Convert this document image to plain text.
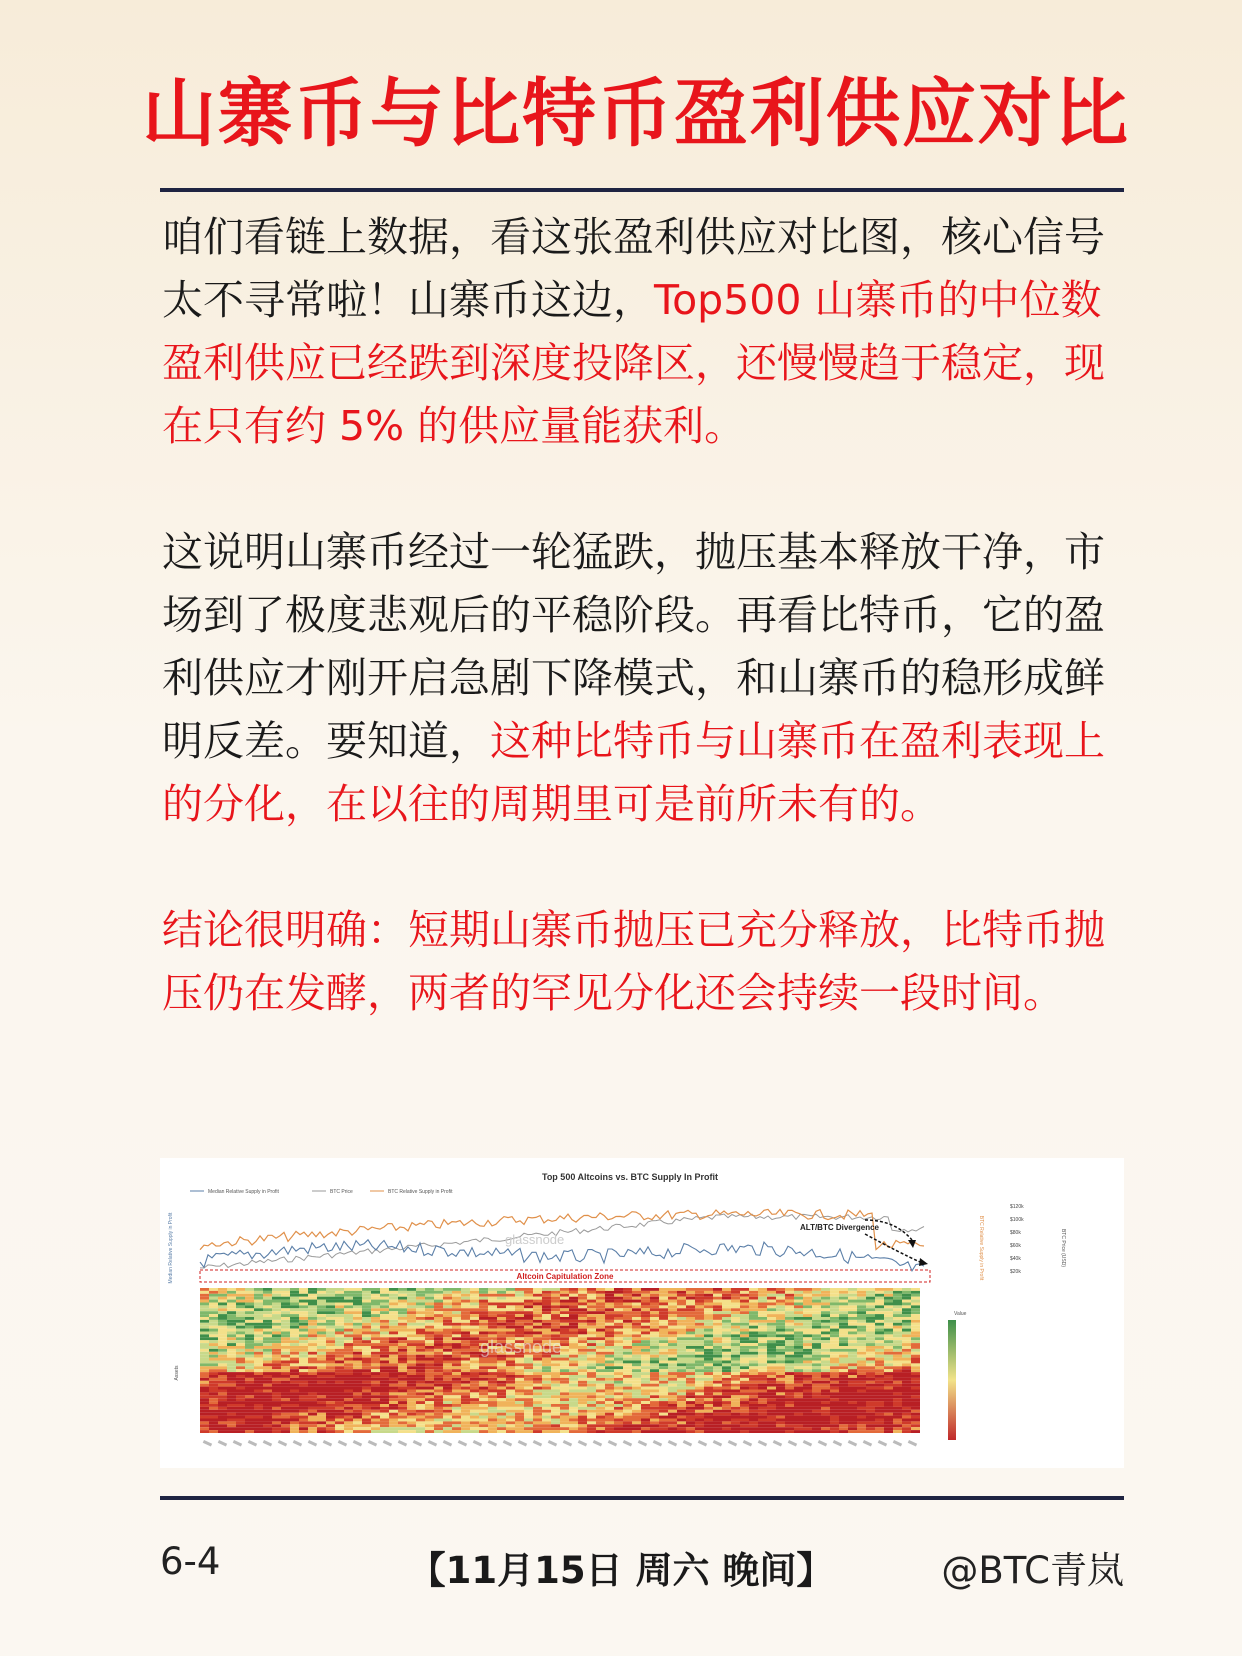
山寨币与比特币盈利供应对比

咱们看链上数据，看这张盈利供应对比图，核心信号太不寻常啦！山寨币这边，Top500 山寨币的中位数盈利供应已经跌到深度投降区，还慢慢趋于稳定，现在只有约 5% 的供应量能获利。

这说明山寨币经过一轮猛跌，抛压基本释放干净，市场到了极度悲观后的平稳阶段。再看比特币，它的盈利供应才刚开启急剧下降模式，和山寨币的稳形成鲜明反差。要知道，这种比特币与山寨币在盈利表现上的分化，在以往的周期里可是前所未有的。

结论很明确：短期山寨币抛压已充分释放，比特币抛压仍在发酵，两者的罕见分化还会持续一段时间。

Top 500 Altcoins vs. BTC Supply In Profit
Median Relative Supply in Profit	BTC Price	BTC Relative Supply in Profit
Median Relative Supply in Profit	BTC Relative Supply in Profit	BTC Price (USD)
Assets
Value
$120k
$100k
$80k
$60k
$40k
$20k
Altcoin Capitulation Zone
glassnode
ALT/BTC Divergence
glassnode
6-4	【11月15日 周六 晚间】	@BTC青岚
